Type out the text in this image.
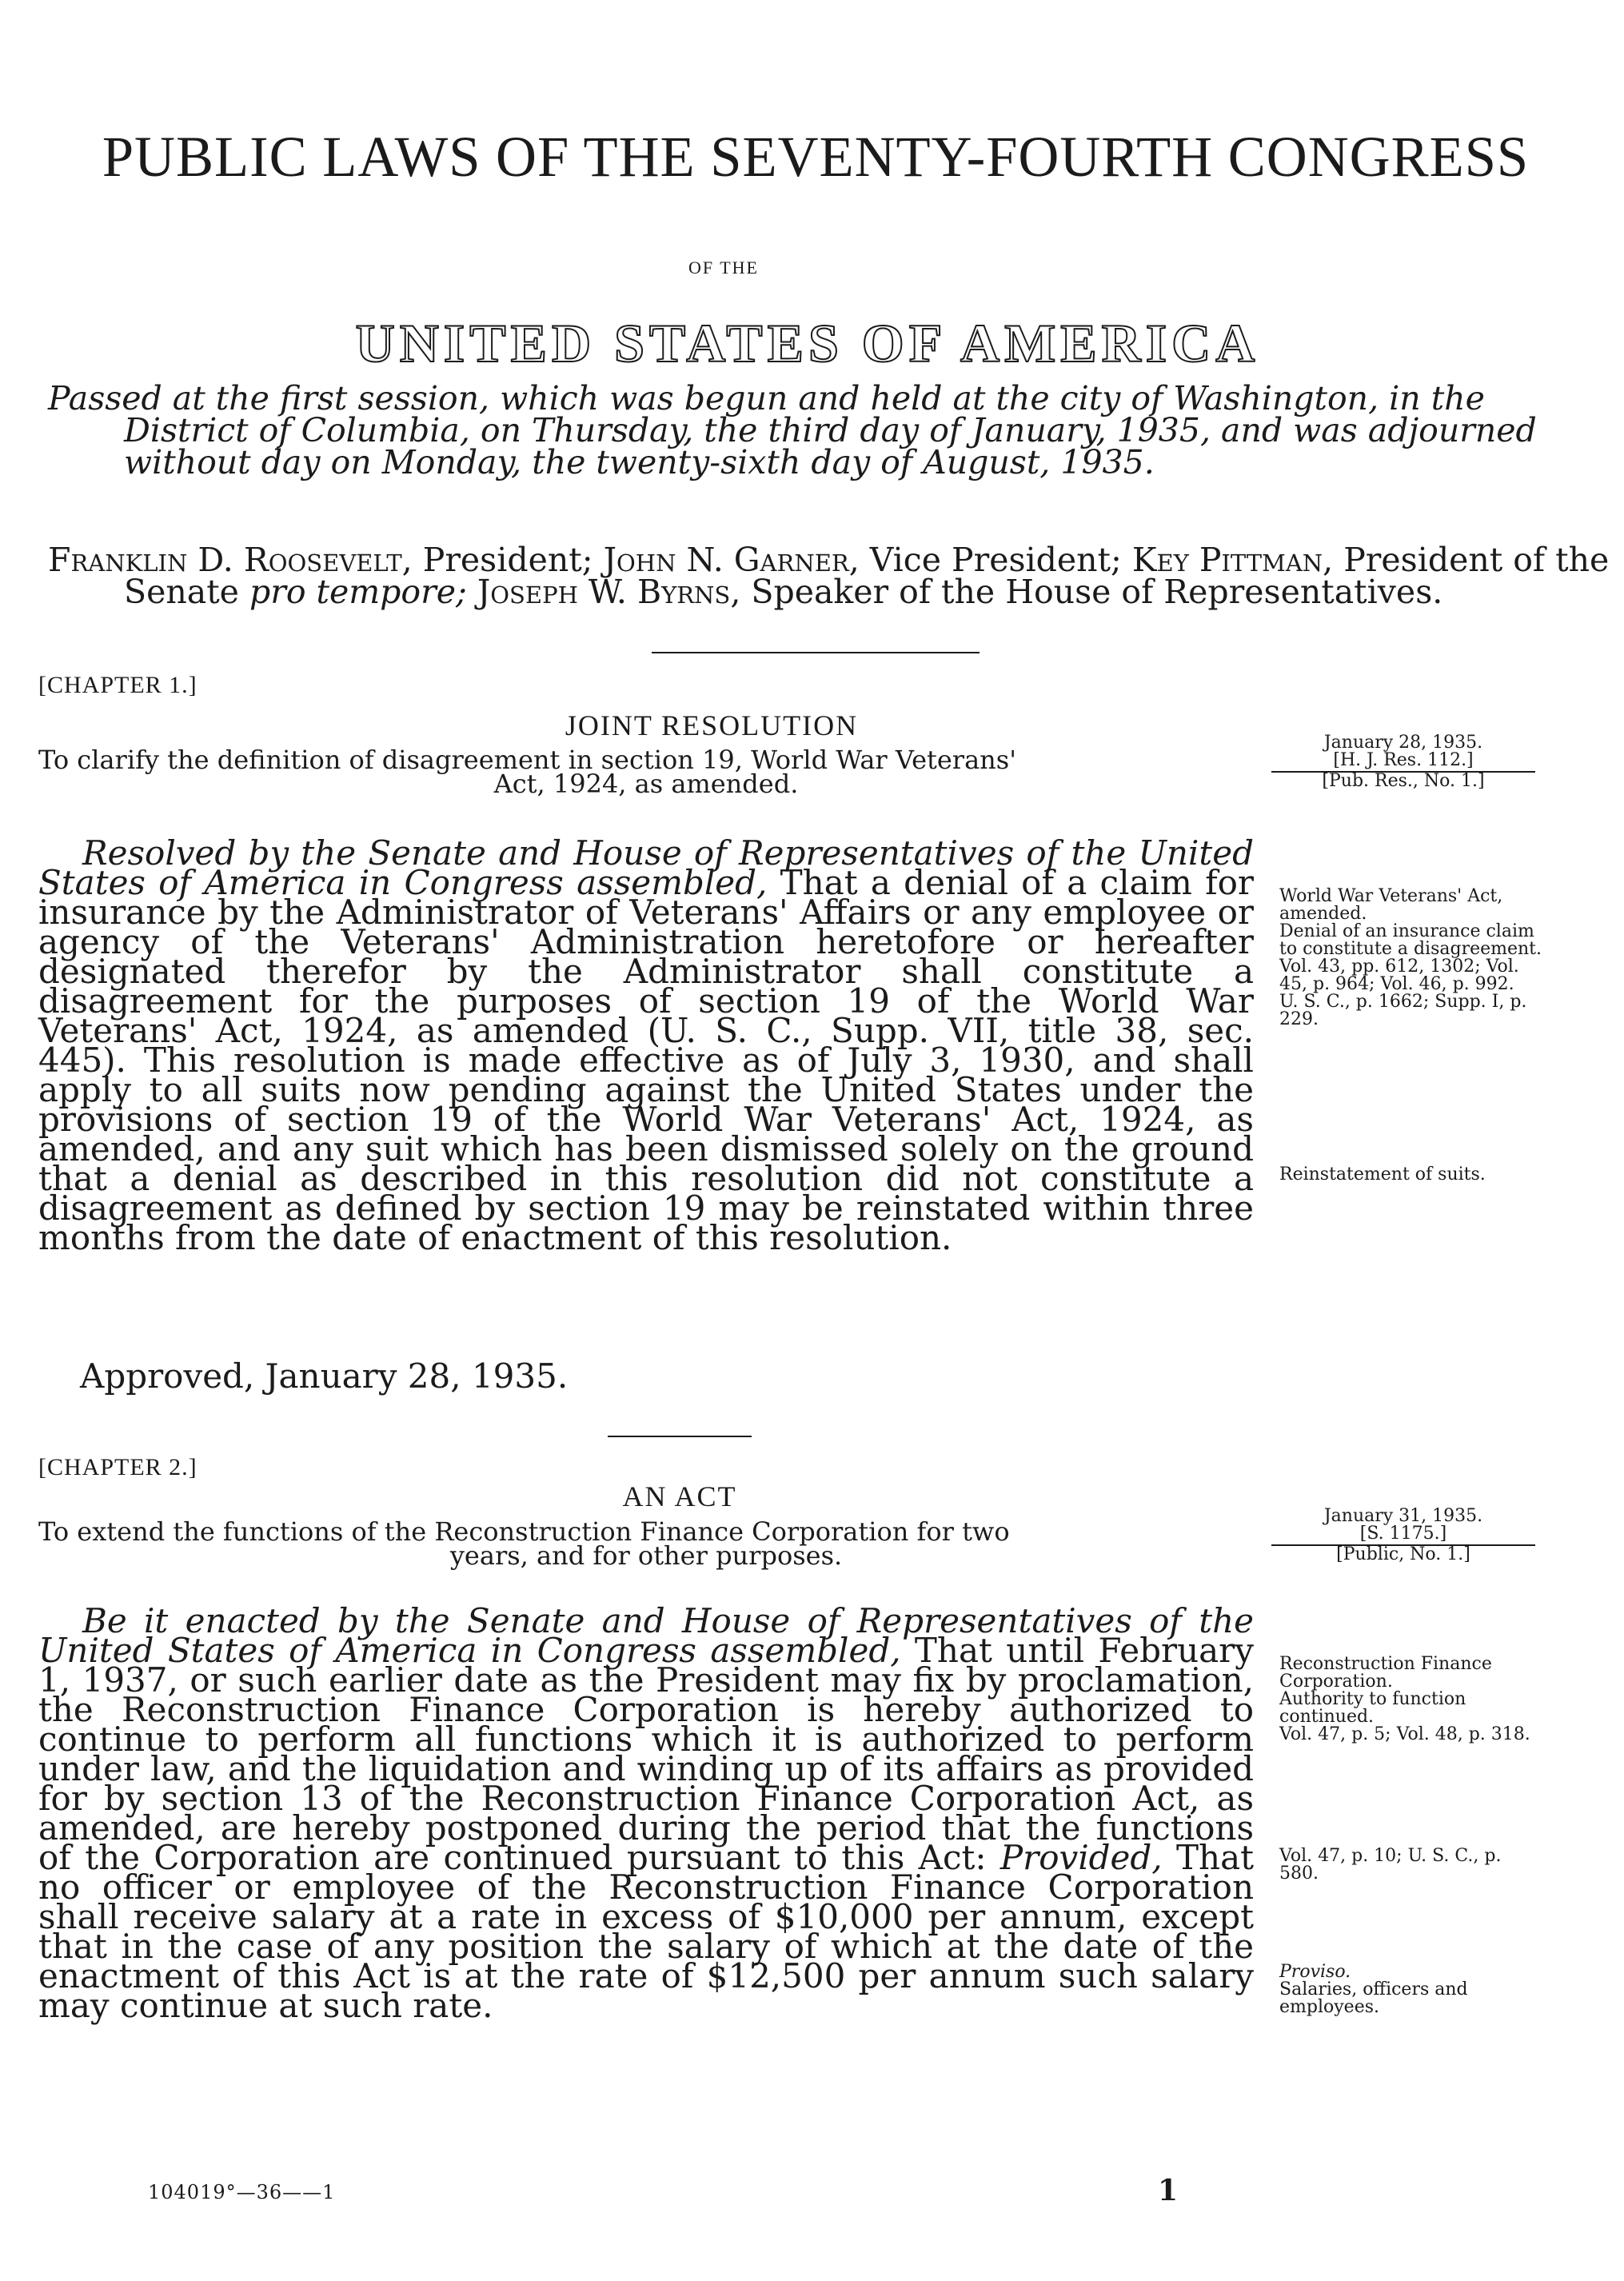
PUBLIC LAWS OF THE SEVENTY-FOURTH CONGRESS
OF THE
UNITED STATES OF AMERICA
Passed at the first session, which was begun and held at the city of Washington, in the District of Columbia, on Thursday, the third day of January, 1935, and was adjourned without day on Monday, the twenty-sixth day of August, 1935.
Franklin D. Roosevelt, President; John N. Garner, Vice President; Key Pittman, President of the Senate pro tempore; Joseph W. Byrns, Speaker of the House of Representatives.
[CHAPTER 1.]
JOINT RESOLUTION
To clarify the definition of disagreement in section 19, World War Veterans'
Act, 1924, as amended.
January 28, 1935.
[H. J. Res. 112.]
[Pub. Res., No. 1.]
Resolved by the Senate and House of Representatives of the United States of America in Congress assembled, That a denial of a claim for insurance by the Administrator of Veterans' Affairs or any employee or agency of the Veterans' Administration heretofore or hereafter designated therefor by the Administrator shall constitute a disagreement for the purposes of section 19 of the World War Veterans' Act, 1924, as amended (U. S. C., Supp. VII, title 38, sec. 445). This resolution is made effective as of July 3, 1930, and shall apply to all suits now pending against the United States under the provisions of section 19 of the World War Veterans' Act, 1924, as amended, and any suit which has been dismissed solely on the ground that a denial as described in this resolution did not constitute a disagreement as defined by section 19 may be reinstated within three months from the date of enactment of this resolution.
Approved, January 28, 1935.
World War Veterans' Act, amended.
Denial of an insurance claim to constitute a disagreement.
Vol. 43, pp. 612, 1302; Vol. 45, p. 964; Vol. 46, p. 992.
U. S. C., p. 1662; Supp. I, p. 229.
Reinstatement of suits.
[CHAPTER 2.]
AN ACT
To extend the functions of the Reconstruction Finance Corporation for two
years, and for other purposes.
January 31, 1935.
[S. 1175.]
[Public, No. 1.]
Be it enacted by the Senate and House of Representatives of the United States of America in Congress assembled, That until February 1, 1937, or such earlier date as the President may fix by proclamation, the Reconstruction Finance Corporation is hereby authorized to continue to perform all functions which it is authorized to perform under law, and the liquidation and winding up of its affairs as provided for by section 13 of the Reconstruction Finance Corporation Act, as amended, are hereby postponed during the period that the functions of the Corporation are continued pursuant to this Act: Provided, That no officer or employee of the Reconstruction Finance Corporation shall receive salary at a rate in excess of $10,000 per annum, except that in the case of any position the salary of which at the date of the enactment of this Act is at the rate of $12,500 per annum such salary may continue at such rate.
Reconstruction Finance Corporation.
Authority to function continued.
Vol. 47, p. 5; Vol. 48, p. 318.
Vol. 47, p. 10; U. S. C., p. 580.
Proviso.
Salaries, officers and employees.
104019°—36——1	1
